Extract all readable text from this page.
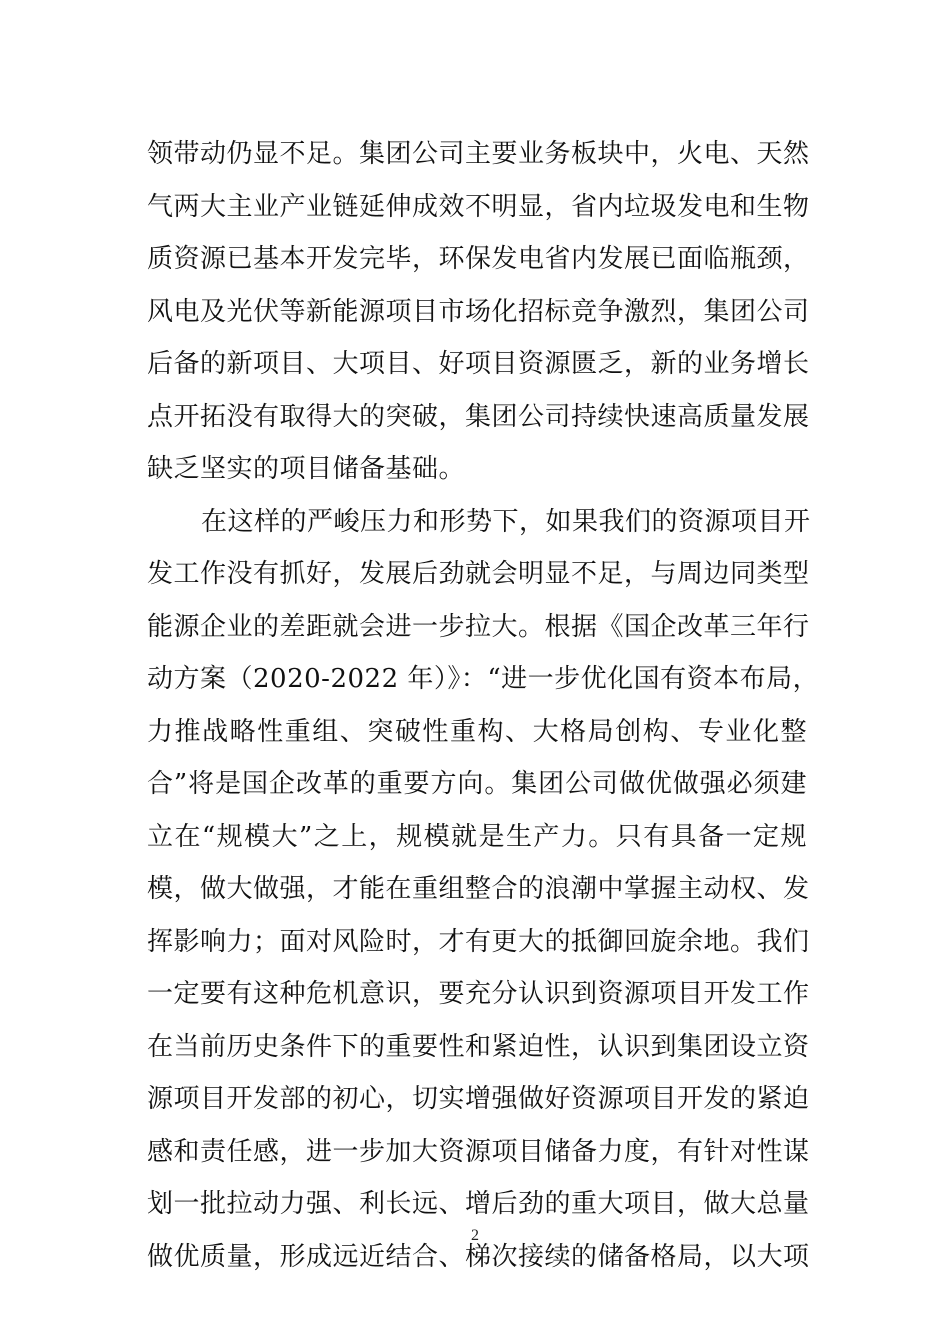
领带动仍显不足。集团公司主要业务板块中，火电、天然
气两大主业产业链延伸成效不明显，省内垃圾发电和生物
质资源已基本开发完毕，环保发电省内发展已面临瓶颈，
风电及光伏等新能源项目市场化招标竞争激烈，集团公司
后备的新项目、大项目、好项目资源匮乏，新的业务增长
点开拓没有取得大的突破，集团公司持续快速高质量发展
缺乏坚实的项目储备基础。
在这样的严峻压力和形势下，如果我们的资源项目开
发工作没有抓好，发展后劲就会明显不足，与周边同类型
能源企业的差距就会进一步拉大。根据《国企改革三年行
动方案（2020-2022 年）》：“进一步优化国有资本布局，
力推战略性重组、突破性重构、大格局创构、专业化整
合”将是国企改革的重要方向。集团公司做优做强必须建
立在“规模大”之上，规模就是生产力。只有具备一定规
模，做大做强，才能在重组整合的浪潮中掌握主动权、发
挥影响力；面对风险时，才有更大的抵御回旋余地。我们
一定要有这种危机意识，要充分认识到资源项目开发工作
在当前历史条件下的重要性和紧迫性，认识到集团设立资
源项目开发部的初心，切实增强做好资源项目开发的紧迫
感和责任感，进一步加大资源项目储备力度，有针对性谋
划一批拉动力强、利长远、增后劲的重大项目，做大总量
做优质量，形成远近结合、梯次接续的储备格局，以大项
2
